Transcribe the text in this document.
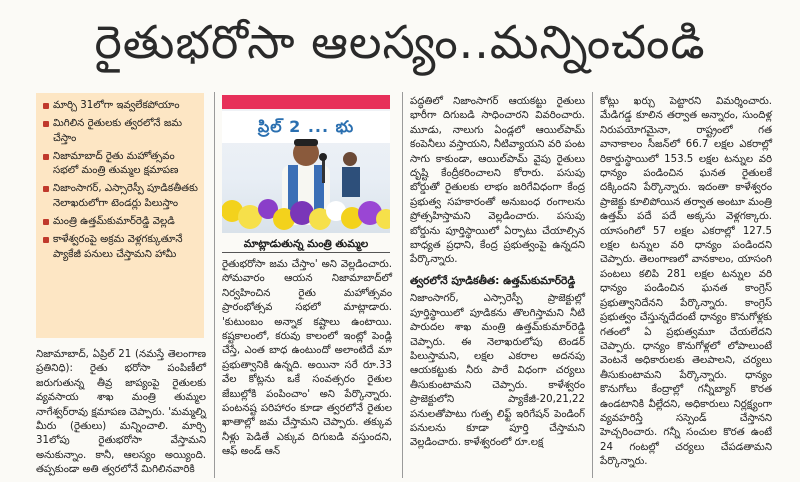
రైతుభరోసా ఆలస్యం..మన్నించండి
మార్చి 31లోగా ఇవ్వలేకపోయాం
మిగిలిన రైతులకు త్వరలోనే జమ చేస్తాం
నిజామాబాద్‌ రైతు మహోత్సవం సభలో మంత్రి తుమ్మల క్షమాపణ
నిజాంసాగర్‌, ఎస్సారెస్పీ పూడికతీతకు నెలాఖరులోగా టెండర్లు పిలుస్తాం
మంత్రి ఉత్తమ్‌కుమార్‌రెడ్డి వెల్లడి
కాళేశ్వరంపై అక్రమ వెళ్లగక్కుతూనే ప్యాకేజీ పనులు చేస్తామని హామీ
ప్రిల్ 2 ... భు
మాట్లాడుతున్న మంత్రి తుమ్మల

నిజామాబాద్‌, ఏప్రిల్‌ 21 (నమస్తే తెలంగాణ ప్రతినిధి): రైతు భరోసా పంపిణీలో జరుగుతున్న తీవ్ర జాప్యంపై రైతులకు వ్యవసాయ శాఖ మంత్రి తుమ్మల నాగేశ్వర్‌రావు క్షమాపణ చెప్పారు. 'మమ్మల్ని మీరు (రైతులు) మన్నించాలి. మార్చి 31లోపు రైతుభరోసా వేస్తామని అనుకున్నాం. కానీ, ఆలస్యం అయ్యింది. తప్పకుండా అతి త్వరలోనే మిగిలినవారికి

రైతుభరోసా జమ చేస్తాం' అని వెల్లడించారు. సోమవారం ఆయన నిజామాబాద్‌లో నిర్వహించిన రైతు మహోత్సవం ప్రారంభోత్సవ సభలో మాట్లాడారు. 'కుటుంబం అన్నాక కష్టాలు ఉంటాయి. కష్టకాలంలో, కరువు కాలంలో ఇంట్లో పెండ్లి చేస్తే, ఎంత బాధ ఉంటుందో అలాంటిదే మా ప్రభుత్వానికి ఉన్నది. అయినా సరే రూ.33 వేల కోట్లను ఒకే సంవత్సరం రైతుల జేబుల్లోకి పంపించాం' అని పేర్కొన్నారు. పంటనష్ట పరిహారం కూడా త్వరలోనే రైతుల ఖాతాల్లో జమ చేస్తామని చెప్పారు. తక్కువ నీళ్లు పెడితే ఎక్కువ దిగుబడి వస్తుందని, ఆఫ్‌ అండ్‌ ఆన్‌

పద్ధతిలో నిజాంసాగర్‌ ఆయకట్టు రైతులు భారీగా దిగుబడి సాధించారని వివరించారు. మూడు, నాలుగు ఏండ్లలో ఆయిల్‌పామ్‌ కంపెనీలు వస్తాయని, నీటివ్యాయని వరి పంట సాగు కాకుండా, ఆయిల్‌పామ్‌ వైపు రైతులు దృష్టి కేంద్రీకరించాలని కోరారు. పసుపు బోర్డుతో రైతులకు లాభం జరిగేవిధంగా కేంద్ర ప్రభుత్వ సహకారంతో అనుబంధ రంగాలను ప్రోత్సహిస్తామని వెల్లడించారు. పసుపు బోర్డును పూర్తిస్థాయిలో ఏర్పాటు చేయాల్సిన బాధ్యత ప్రధాని, కేంద్ర ప్రభుత్వంపై ఉన్నదని పేర్కొన్నారు.

త్వరలోనే పూడికతీత: ఉత్తమ్‌కుమార్‌రెడ్డి

నిజాంసాగర్‌, ఎస్సారెస్పీ ప్రాజెక్టుల్లో పూర్తిస్థాయిలో పూడికను తొలగిస్తామని నీటి పారుదల శాఖ మంత్రి ఉత్తమ్‌కుమార్‌రెడ్డి చెప్పారు. ఈ నెలాఖరులోపు టెండర్‌ పిలుస్తామని, లక్షల ఎకరాల అదనపు ఆయకట్టుకు నీరు పారే విధంగా చర్యలు తీసుకుంటామని చెప్పారు. కాళేశ్వరం ప్రాజెక్టులోని ప్యాకేజీ-20,21,22 పనులతోపాటు గుత్ప లిఫ్ట్‌ ఇరిగేషన్‌ పెండింగ్‌ పనులను కూడా పూర్తి చేస్తామని వెల్లడించారు. కాళేశ్వరంలో రూ.లక్ష

కోట్లు ఖర్చు పెట్టారని విమర్శించారు. మేడిగడ్డ కూలిన తర్వాత అన్నారం, సుందిళ్ల నిరుపయోగమైనా, రాష్ట్రంలో గత వానాకాలం సీజన్‌లో 66.7 లక్షల ఎకరాల్లో రికార్డుస్థాయిలో 153.5 లక్షల టన్నుల వరి ధాన్యం పండించిన ఘనత రైతులకే దక్కిందని పేర్కొన్నారు. ఇదంతా కాళేశ్వరం ప్రాజెక్టు కూలిపోయిన తర్వాత అంటూ మంత్రి ఉత్తమ్‌ పదే పదే అక్కసు వెళ్లగక్కారు. యాసంగిలో 57 లక్షల ఎకరాల్లో 127.5 లక్షల టన్నుల వరి ధాన్యం పండిందని చెప్పారు. తెలంగాణలో వానకాలం, యాసంగి పంటలు కలిపి 281 లక్షల టన్నుల వరి ధాన్యం పండించిన ఘనత కాంగ్రెస్‌ ప్రభుత్వానిదేనని పేర్కొన్నారు. కాంగ్రెస్‌ ప్రభుత్వం చేస్తున్నదేదంటే ధాన్యం కొనుగోళ్లకు గతంలో ఏ ప్రభుత్వమూ చేయలేదని చెప్పారు. ధాన్యం కొనుగోళ్లలో లోపాలుంటే వెంటనే అధికారులకు తెలపాలని, చర్యలు తీసుకుంటామని పేర్కొన్నారు. ధాన్యం కొనుగోలు కేంద్రాల్లో గన్నీబ్యాగ్‌ కొరత ఉండటానికి వీల్లేదని, అధికారులు నిర్లక్ష్యంగా వ్యవహరిస్తే సస్పెండ్‌ చేస్తానని హెచ్చరించారు. గన్నీ సంచుల కొరత ఉంటే 24 గంటల్లో చర్యలు చేపడతామని పేర్కొన్నారు.
